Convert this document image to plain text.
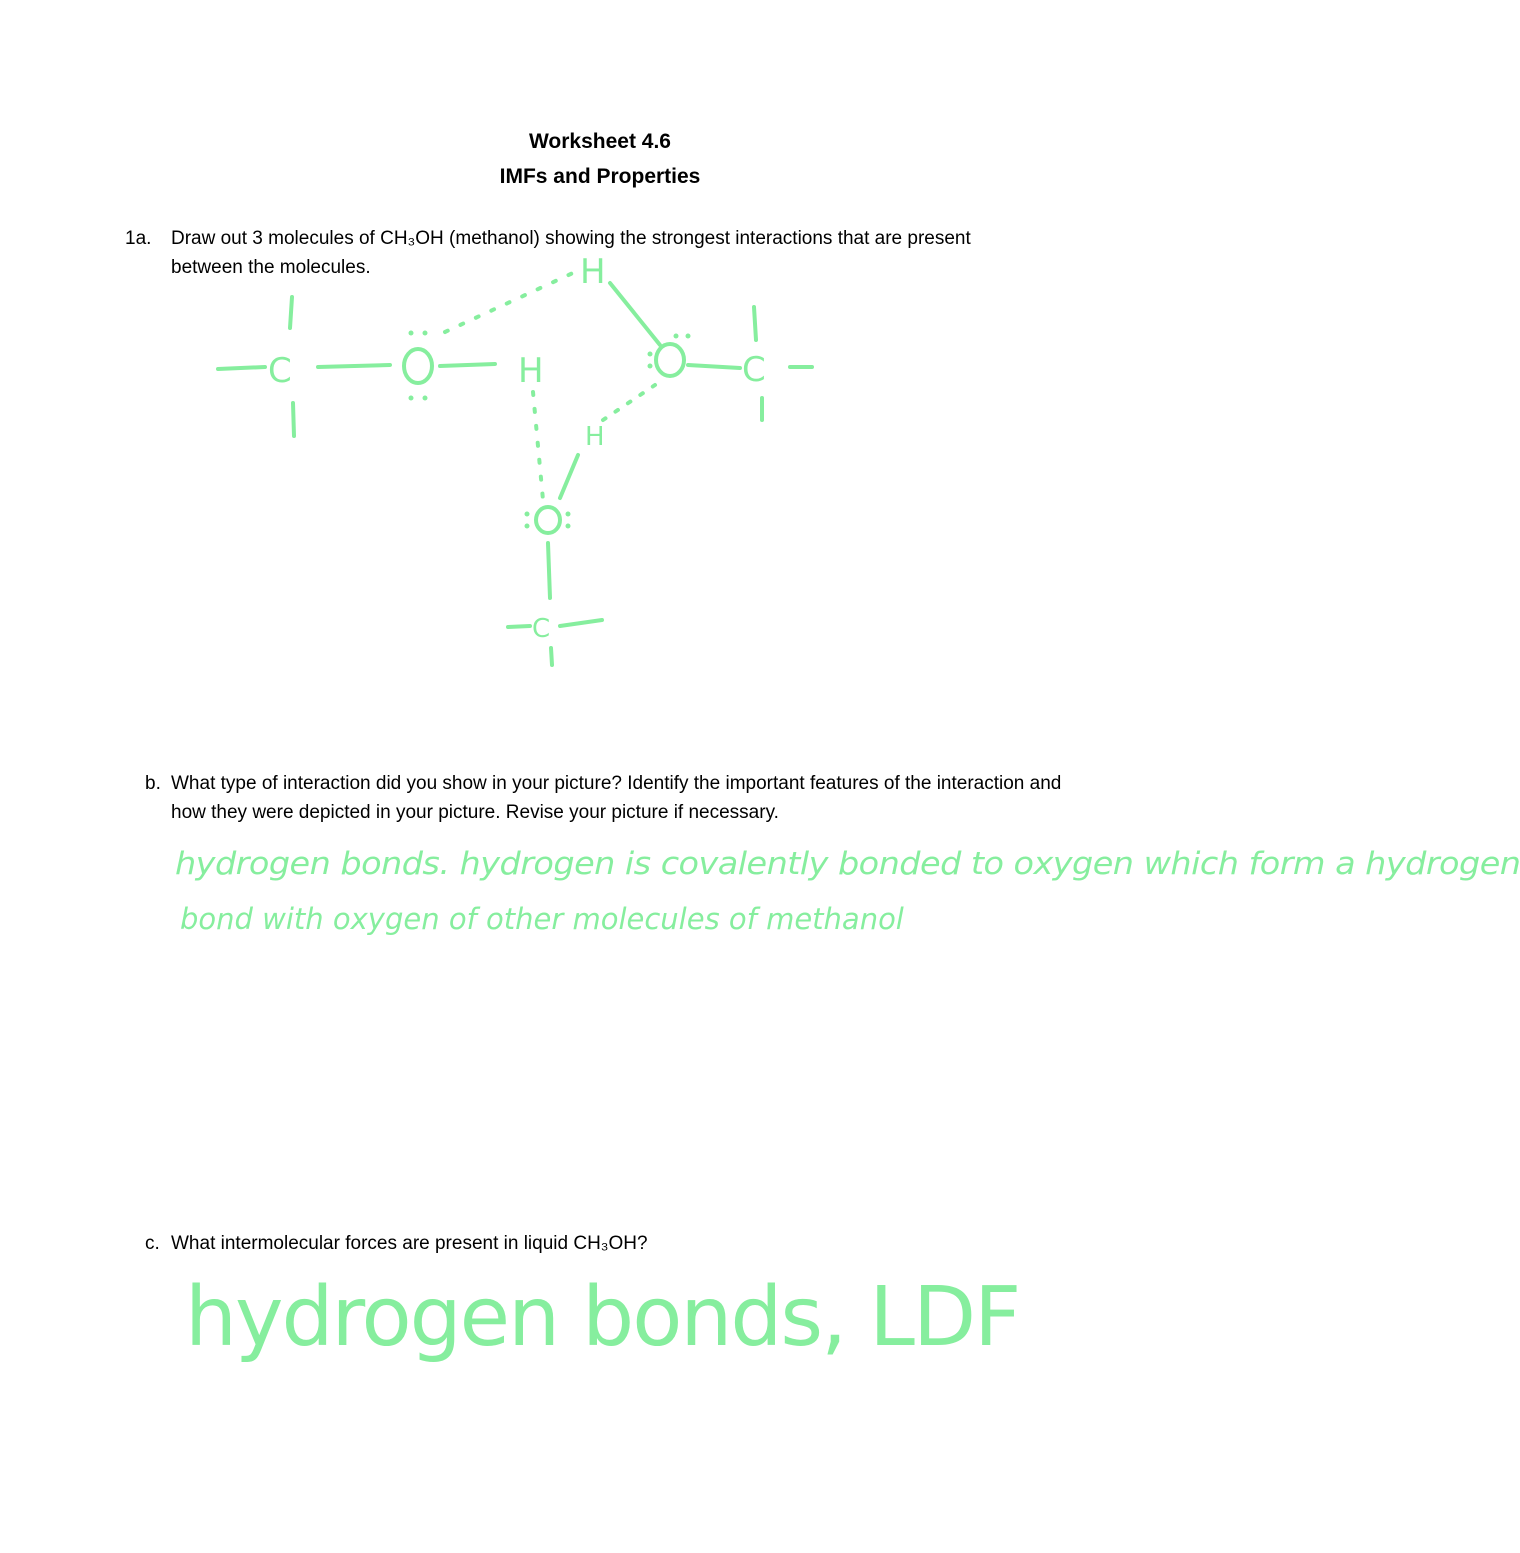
Worksheet 4.6
IMFs and Properties
1a. Draw out 3 molecules of CH₃OH (methanol) showing the strongest interactions that are present between the molecules.
C	H
H
C
H
C
b. What type of interaction did you show in your picture? Identify the important features of the interaction and how they were depicted in your picture. Revise your picture if necessary.
hydrogen bonds. hydrogen is covalently bonded to oxygen which form a hydrogen
bond with oxygen of other molecules of methanol
c. What intermolecular forces are present in liquid CH₃OH?
hydrogen bonds, LDF
